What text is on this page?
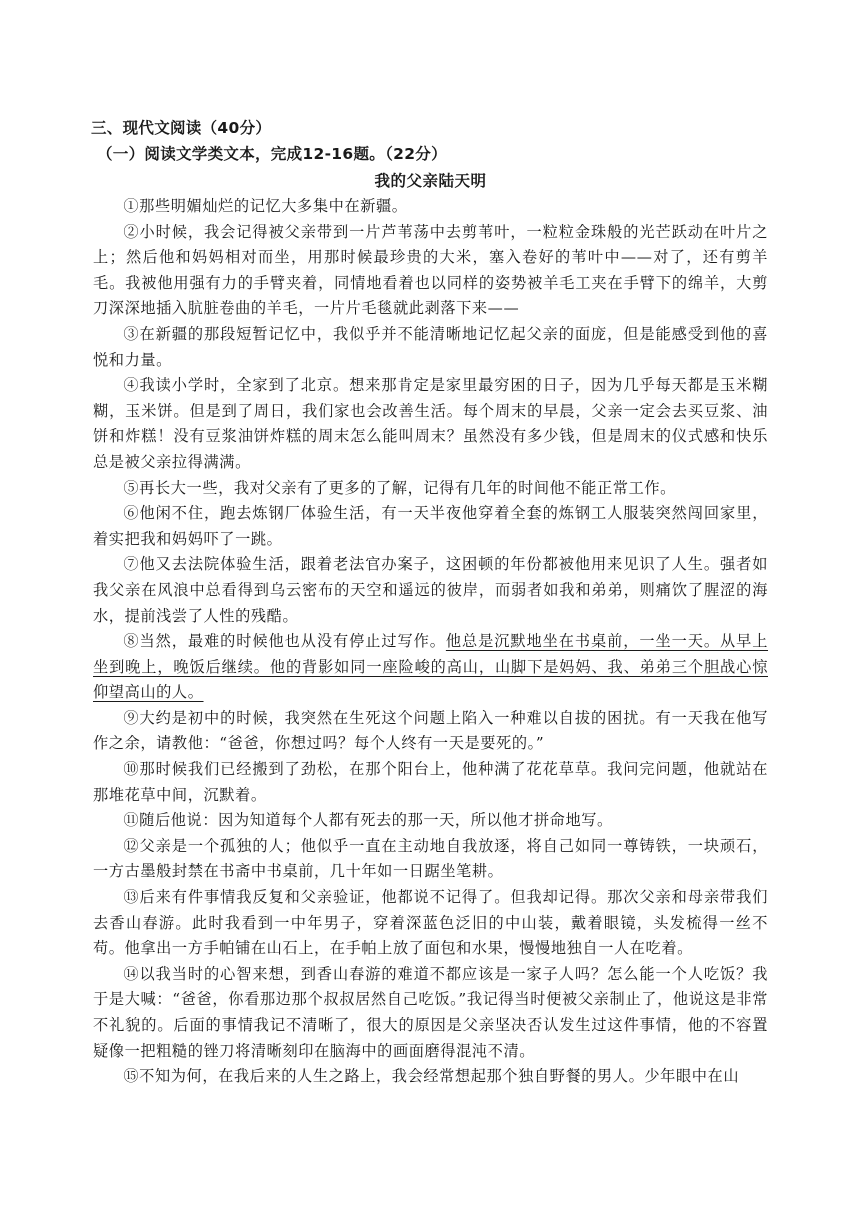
三、现代文阅读（40分）
（一）阅读文学类文本，完成12-16题。（22分）
我的父亲陆天明

①那些明媚灿烂的记忆大多集中在新疆。

②小时候，我会记得被父亲带到一片芦苇荡中去剪苇叶，一粒粒金珠般的光芒跃动在叶片之上；然后他和妈妈相对而坐，用那时候最珍贵的大米，塞入卷好的苇叶中——对了，还有剪羊毛。我被他用强有力的手臂夹着，同情地看着也以同样的姿势被羊毛工夹在手臂下的绵羊，大剪刀深深地插入肮脏卷曲的羊毛，一片片毛毯就此剥落下来——

③在新疆的那段短暂记忆中，我似乎并不能清晰地记忆起父亲的面庞，但是能感受到他的喜悦和力量。

④我读小学时，全家到了北京。想来那肯定是家里最穷困的日子，因为几乎每天都是玉米糊糊，玉米饼。但是到了周日，我们家也会改善生活。每个周末的早晨，父亲一定会去买豆浆、油饼和炸糕！没有豆浆油饼炸糕的周末怎么能叫周末？虽然没有多少钱，但是周末的仪式感和快乐总是被父亲拉得满满。

⑤再长大一些，我对父亲有了更多的了解，记得有几年的时间他不能正常工作。

⑥他闲不住，跑去炼钢厂体验生活，有一天半夜他穿着全套的炼钢工人服装突然闯回家里，着实把我和妈妈吓了一跳。

⑦他又去法院体验生活，跟着老法官办案子，这困顿的年份都被他用来见识了人生。强者如我父亲在风浪中总看得到乌云密布的天空和遥远的彼岸，而弱者如我和弟弟，则痛饮了腥涩的海水，提前浅尝了人性的残酷。

⑧当然，最难的时候他也从没有停止过写作。他总是沉默地坐在书桌前，一坐一天。从早上坐到晚上，晚饭后继续。他的背影如同一座险峻的高山，山脚下是妈妈、我、弟弟三个胆战心惊仰望高山的人。

⑨大约是初中的时候，我突然在生死这个问题上陷入一种难以自拔的困扰。有一天我在他写作之余，请教他：“爸爸，你想过吗？每个人终有一天是要死的。”

⑩那时候我们已经搬到了劲松，在那个阳台上，他种满了花花草草。我问完问题，他就站在那堆花草中间，沉默着。

⑪随后他说：因为知道每个人都有死去的那一天，所以他才拼命地写。

⑫父亲是一个孤独的人；他似乎一直在主动地自我放逐，将自己如同一尊铸铁，一块顽石，一方古墨般封禁在书斋中书桌前，几十年如一日踞坐笔耕。

⑬后来有件事情我反复和父亲验证，他都说不记得了。但我却记得。那次父亲和母亲带我们去香山春游。此时我看到一中年男子，穿着深蓝色泛旧的中山装，戴着眼镜，头发梳得一丝不苟。他拿出一方手帕铺在山石上，在手帕上放了面包和水果，慢慢地独自一人在吃着。

⑭以我当时的心智来想，到香山春游的难道不都应该是一家子人吗？怎么能一个人吃饭？我于是大喊：“爸爸，你看那边那个叔叔居然自己吃饭。”我记得当时便被父亲制止了，他说这是非常不礼貌的。后面的事情我记不清晰了，很大的原因是父亲坚决否认发生过这件事情，他的不容置疑像一把粗糙的锉刀将清晰刻印在脑海中的画面磨得混沌不清。

⑮不知为何，在我后来的人生之路上，我会经常想起那个独自野餐的男人。少年眼中在山
